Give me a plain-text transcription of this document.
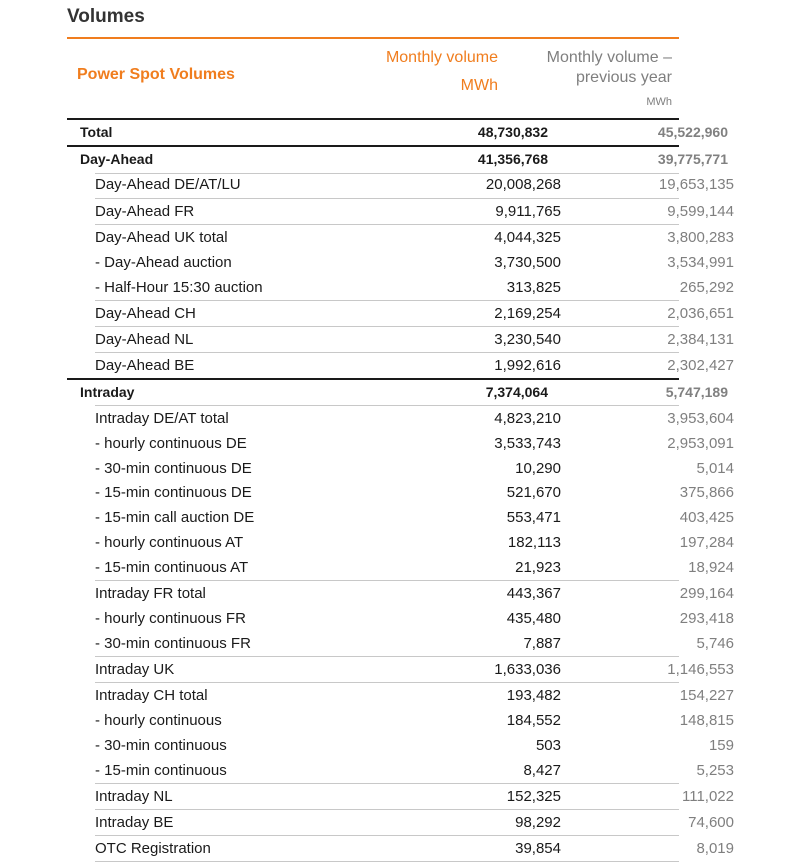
Volumes
Power Spot Volumes
Monthly volume
MWh
Monthly volume –
previous year
MWh
Total	48,730,832	45,522,960
Day-Ahead	41,356,768	39,775,771
Day-Ahead DE/AT/LU	20,008,268	19,653,135
Day-Ahead FR	9,911,765	9,599,144
Day-Ahead UK total	4,044,325	3,800,283
- Day-Ahead auction	3,730,500	3,534,991
- Half-Hour 15:30 auction	313,825	265,292
Day-Ahead CH	2,169,254	2,036,651
Day-Ahead NL	3,230,540	2,384,131
Day-Ahead BE	1,992,616	2,302,427
Intraday	7,374,064	5,747,189
Intraday DE/AT total	4,823,210	3,953,604
- hourly continuous DE	3,533,743	2,953,091
- 30-min continuous DE	10,290	5,014
- 15-min continuous DE	521,670	375,866
- 15-min call auction DE	553,471	403,425
- hourly continuous AT	182,113	197,284
- 15-min continuous AT	21,923	18,924
Intraday FR total	443,367	299,164
- hourly continuous FR	435,480	293,418
- 30-min continuous FR	7,887	5,746
Intraday UK	1,633,036	1,146,553
Intraday CH total	193,482	154,227
- hourly continuous	184,552	148,815
- 30-min continuous	503	159
- 15-min continuous	8,427	5,253
Intraday NL	152,325	111,022
Intraday BE	98,292	74,600
OTC Registration	39,854	8,019
